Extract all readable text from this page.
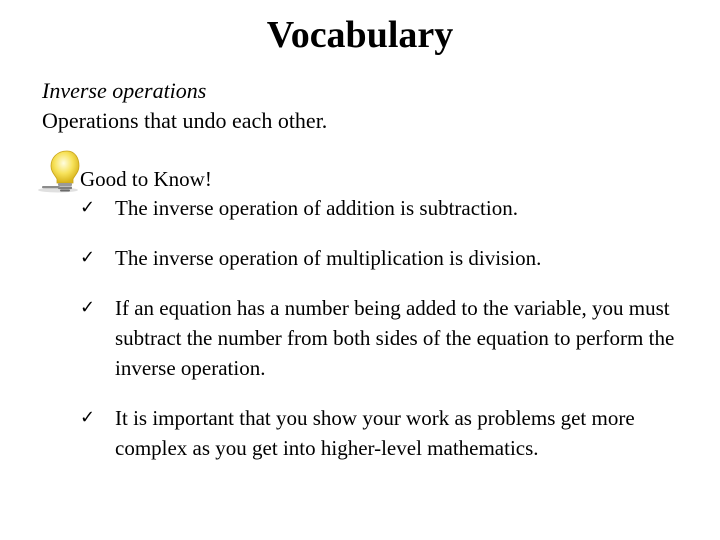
Vocabulary
Inverse operations
Operations that undo each other.
Good to Know!
✓ The inverse operation of addition is subtraction.
✓ The inverse operation of multiplication is division.
✓ If an equation has a number being added to the variable, you must subtract the number from both sides of the equation to perform the inverse operation.
✓ It is important that you show your work as problems get more complex as you get into higher-level mathematics.
